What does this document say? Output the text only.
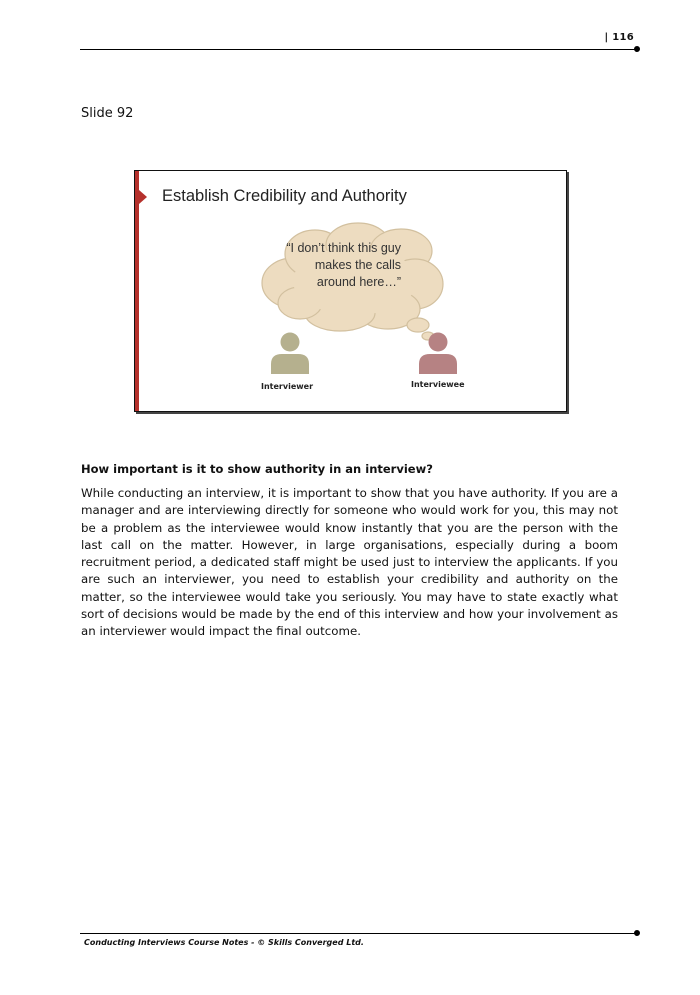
| 116
Slide 92
Establish Credibility and Authority
“I don’t think this guy makes the calls around here…”
Interviewer	Interviewee
How important is it to show authority in an interview?
While conducting an interview, it is important to show that you have authority. If you are a manager and are interviewing directly for someone who would work for you, this may not be a problem as the interviewee would know instantly that you are the person with the last call on the matter. However, in large organisations, especially during a boom recruitment period, a dedicated staff might be used just to interview the applicants. If you are such an interviewer, you need to establish your credibility and authority on the matter, so the interviewee would take you seriously. You may have to state exactly what sort of decisions would be made by the end of this interview and how your involvement as an interviewer would impact the final outcome.
Conducting Interviews Course Notes - © Skills Converged Ltd.
